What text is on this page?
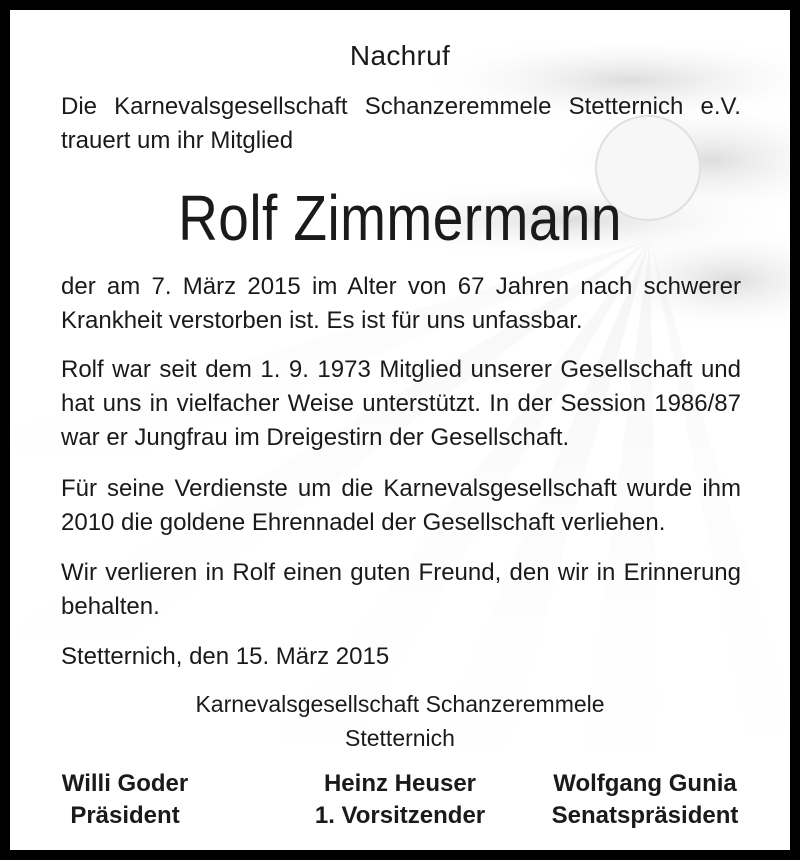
Nachruf
Die Karnevalsgesellschaft Schanzeremmele Stetternich e.V.
trauert um ihr Mitglied
Rolf Zimmermann
der am 7. März 2015 im Alter von 67 Jahren nach schwerer Krankheit verstorben ist. Es ist für uns unfassbar.
Rolf war seit dem 1. 9. 1973 Mitglied unserer Gesellschaft und hat uns in vielfacher Weise unterstützt. In der Session 1986/87 war er Jungfrau im Dreigestirn der Gesellschaft.
Für seine Verdienste um die Karnevalsgesellschaft wurde ihm 2010 die goldene Ehrennadel der Gesellschaft verliehen.
Wir verlieren in Rolf einen guten Freund, den wir in Erinnerung behalten.
Stetternich, den 15. März 2015
Karnevalsgesellschaft Schanzeremmele
Stetternich
Willi Goder
Präsident
Heinz Heuser
1. Vorsitzender
Wolfgang Gunia
Senatspräsident
